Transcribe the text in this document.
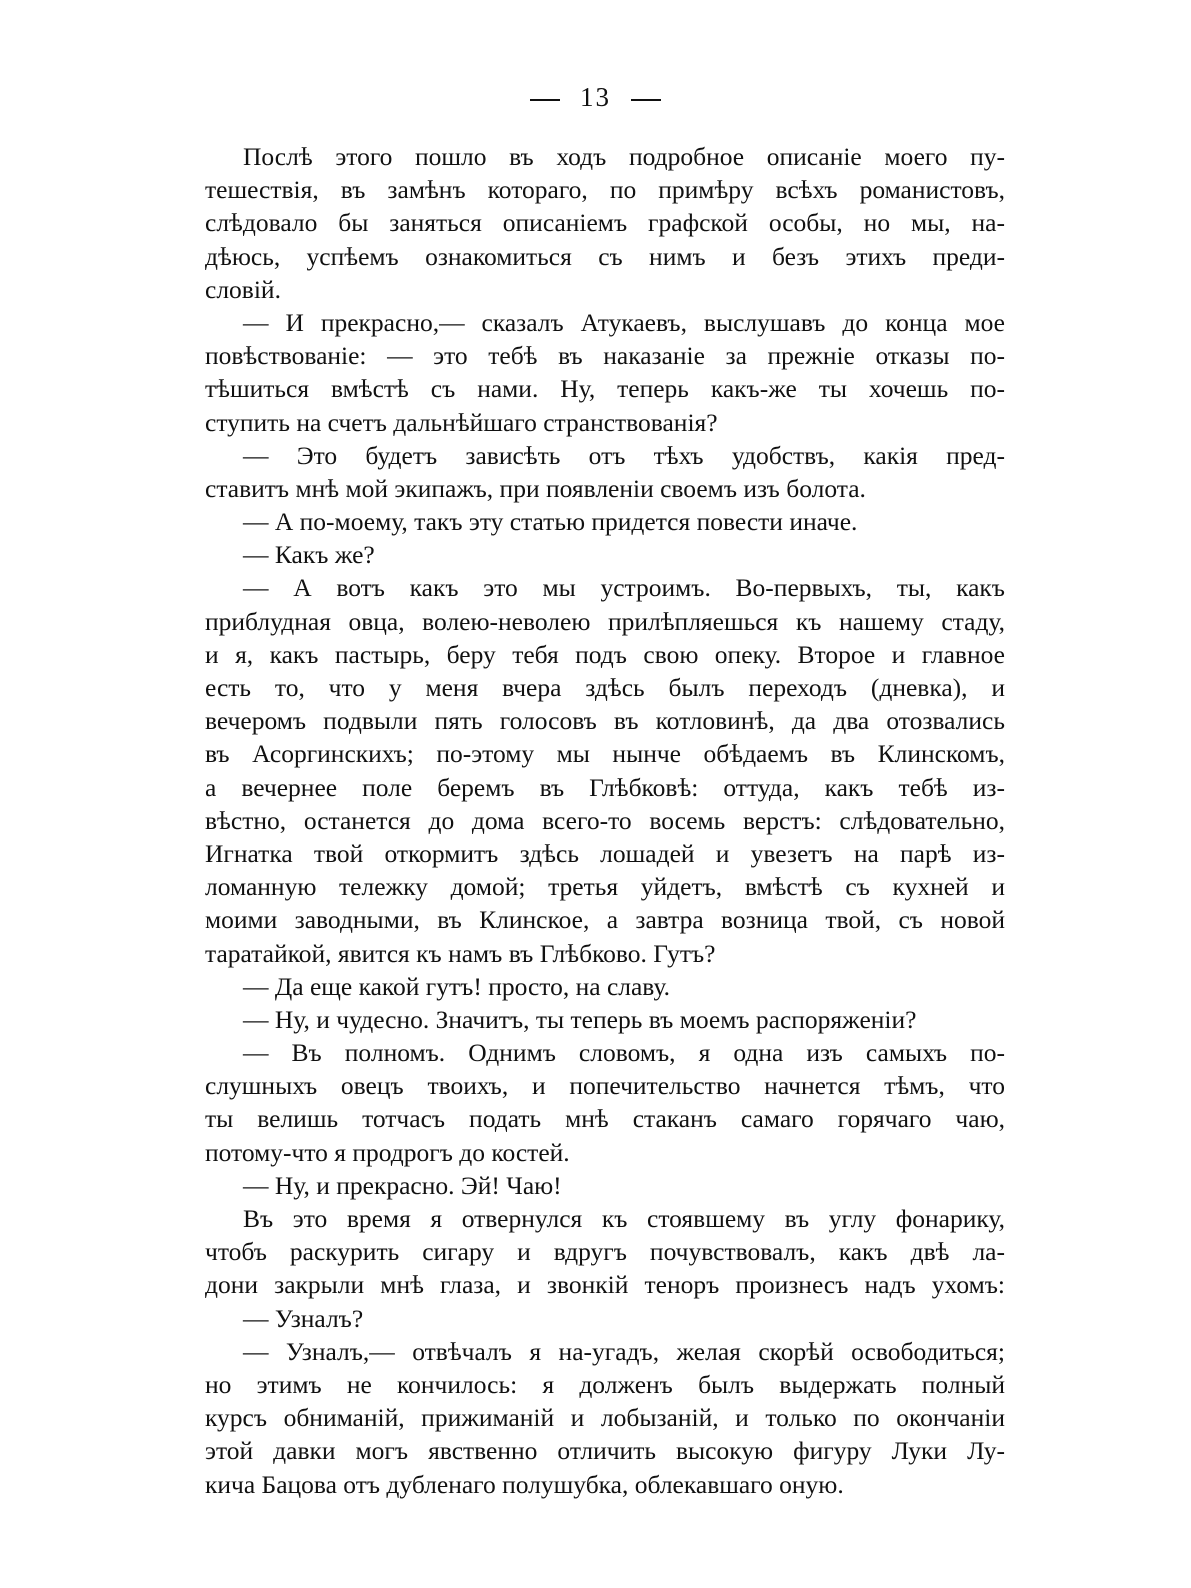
13
Послѣ этого пошло въ ходъ подробное описаніе моего пу-
тешествія, въ замѣнъ котораго, по примѣру всѣхъ романистовъ,
слѣдовало бы заняться описаніемъ графской особы, но мы, на-
дѣюсь, успѣемъ ознакомиться съ нимъ и безъ этихъ преди-
словій.
— И прекрасно,— сказалъ Атукаевъ, выслушавъ до конца мое
повѣствованіе: — это тебѣ въ наказаніе за прежніе отказы по-
тѣшиться вмѣстѣ съ нами. Ну, теперь какъ-же ты хочешь по-
ступить на счетъ дальнѣйшаго странствованія?
— Это будетъ зависѣть отъ тѣхъ удобствъ, какія пред-
ставитъ мнѣ мой экипажъ, при появленіи своемъ изъ болота.
— А по-моему, такъ эту статью придется повести иначе.
— Какъ же?
— А вотъ какъ это мы устроимъ. Во-первыхъ, ты, какъ
приблудная овца, волею-неволею прилѣпляешься къ нашему стаду,
и я, какъ пастырь, беру тебя подъ свою опеку. Второе и главное
есть то, что у меня вчера здѣсь былъ переходъ (дневка), и
вечеромъ подвыли пять голосовъ въ котловинѣ, да два отозвались
въ Асоргинскихъ; по-этому мы нынче обѣдаемъ въ Клинскомъ,
а вечернее поле беремъ въ Глѣбковѣ: оттуда, какъ тебѣ из-
вѣстно, останется до дома всего-то восемь верстъ: слѣдовательно,
Игнатка твой откормитъ здѣсь лошадей и увезетъ на парѣ из-
ломанную тележку домой; третья уйдетъ, вмѣстѣ съ кухней и
моими заводными, въ Клинское, а завтра возница твой, съ новой
таратайкой, явится къ намъ въ Глѣбково. Гутъ?
— Да еще какой гутъ! просто, на славу.
— Ну, и чудесно. Значитъ, ты теперь въ моемъ распоряженіи?
— Въ полномъ. Однимъ словомъ, я одна изъ самыхъ по-
слушныхъ овецъ твоихъ, и попечительство начнется тѣмъ, что
ты велишь тотчасъ подать мнѣ стаканъ самаго горячаго чаю,
потому-что я продрогъ до костей.
— Ну, и прекрасно. Эй! Чаю!
Въ это время я отвернулся къ стоявшему въ углу фонарику,
чтобъ раскурить сигару и вдругъ почувствовалъ, какъ двѣ ла-
дони закрыли мнѣ глаза, и звонкій теноръ произнесъ надъ ухомъ:
— Узналъ?
— Узналъ,— отвѣчалъ я на-угадъ, желая скорѣй освободиться;
но этимъ не кончилось: я долженъ былъ выдержать полный
курсъ обниманій, прижиманій и лобызаній, и только по окончаніи
этой давки могъ явственно отличить высокую фигуру Луки Лу-
кича Бацова отъ дубленаго полушубка, облекавшаго оную.
